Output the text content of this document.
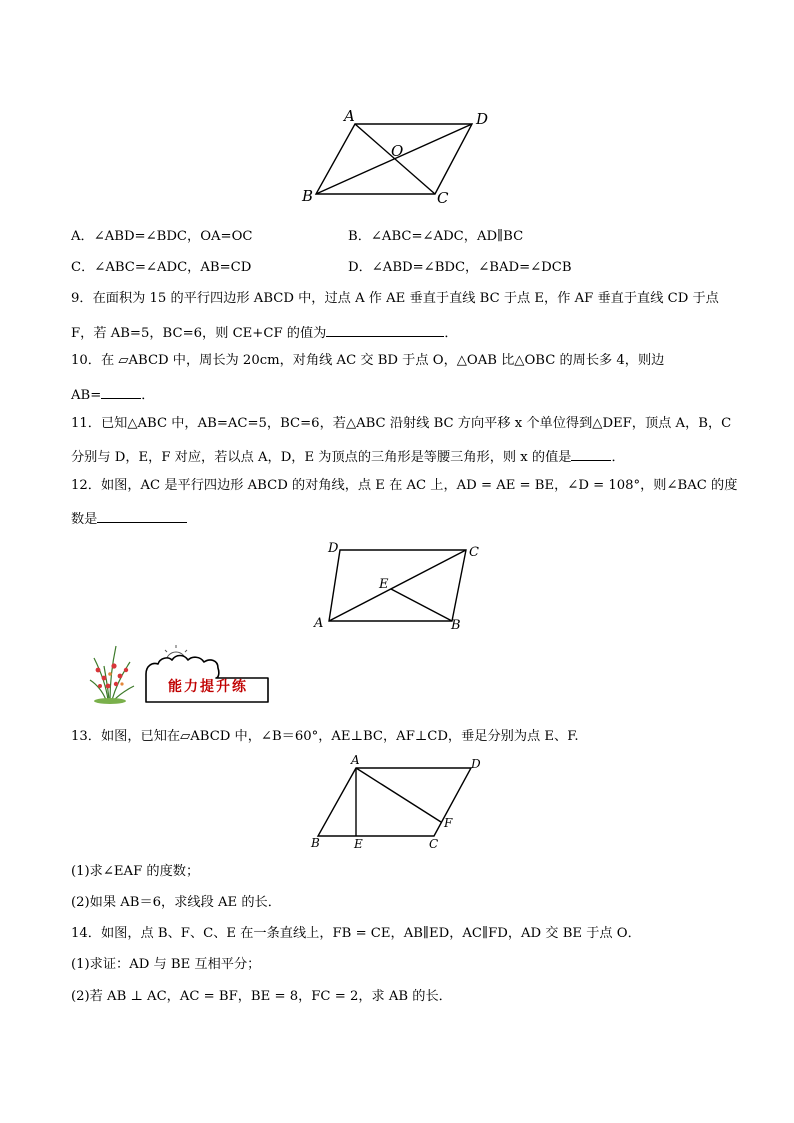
A	D
O
B	C
A．∠ABD=∠BDC，OA=OC	B．∠ABC=∠ADC，AD∥BC
C．∠ABC=∠ADC，AB=CD	D．∠ABD=∠BDC，∠BAD=∠DCB
9．在面积为 15 的平行四边形 ABCD 中，过点 A 作 AE 垂直于直线 BC 于点 E，作 AF 垂直于直线 CD 于点
F，若 AB=5，BC=6，则 CE+CF 的值为	．
10．在 ▱ABCD 中，周长为 20cm，对角线 AC 交 BD 于点 O，△OAB 比△OBC 的周长多 4，则边
AB=	．
11．已知△ABC 中，AB=AC=5，BC=6，若△ABC 沿射线 BC 方向平移 x 个单位得到△DEF，顶点 A，B，C
分别与 D，E，F 对应，若以点 A，D，E 为顶点的三角形是等腰三角形，则 x 的值是	．
12．如图，AC 是平行四边形 ABCD 的对角线，点 E 在 AC 上，AD = AE = BE，∠D = 108°，则∠BAC 的度
数是
D	C
E
A	B
能力提升练
13．如图，已知在▱ABCD 中，∠B＝60°，AE⊥BC，AF⊥CD，垂足分别为点 E、F.
A	D
F
B	E	C
(1)求∠EAF 的度数；
(2)如果 AB＝6，求线段 AE 的长．
14．如图，点 B、F、C、E 在一条直线上，FB = CE，AB∥ED，AC∥FD，AD 交 BE 于点 O．
(1)求证：AD 与 BE 互相平分；
(2)若 AB ⊥ AC，AC = BF，BE = 8，FC = 2，求 AB 的长．
